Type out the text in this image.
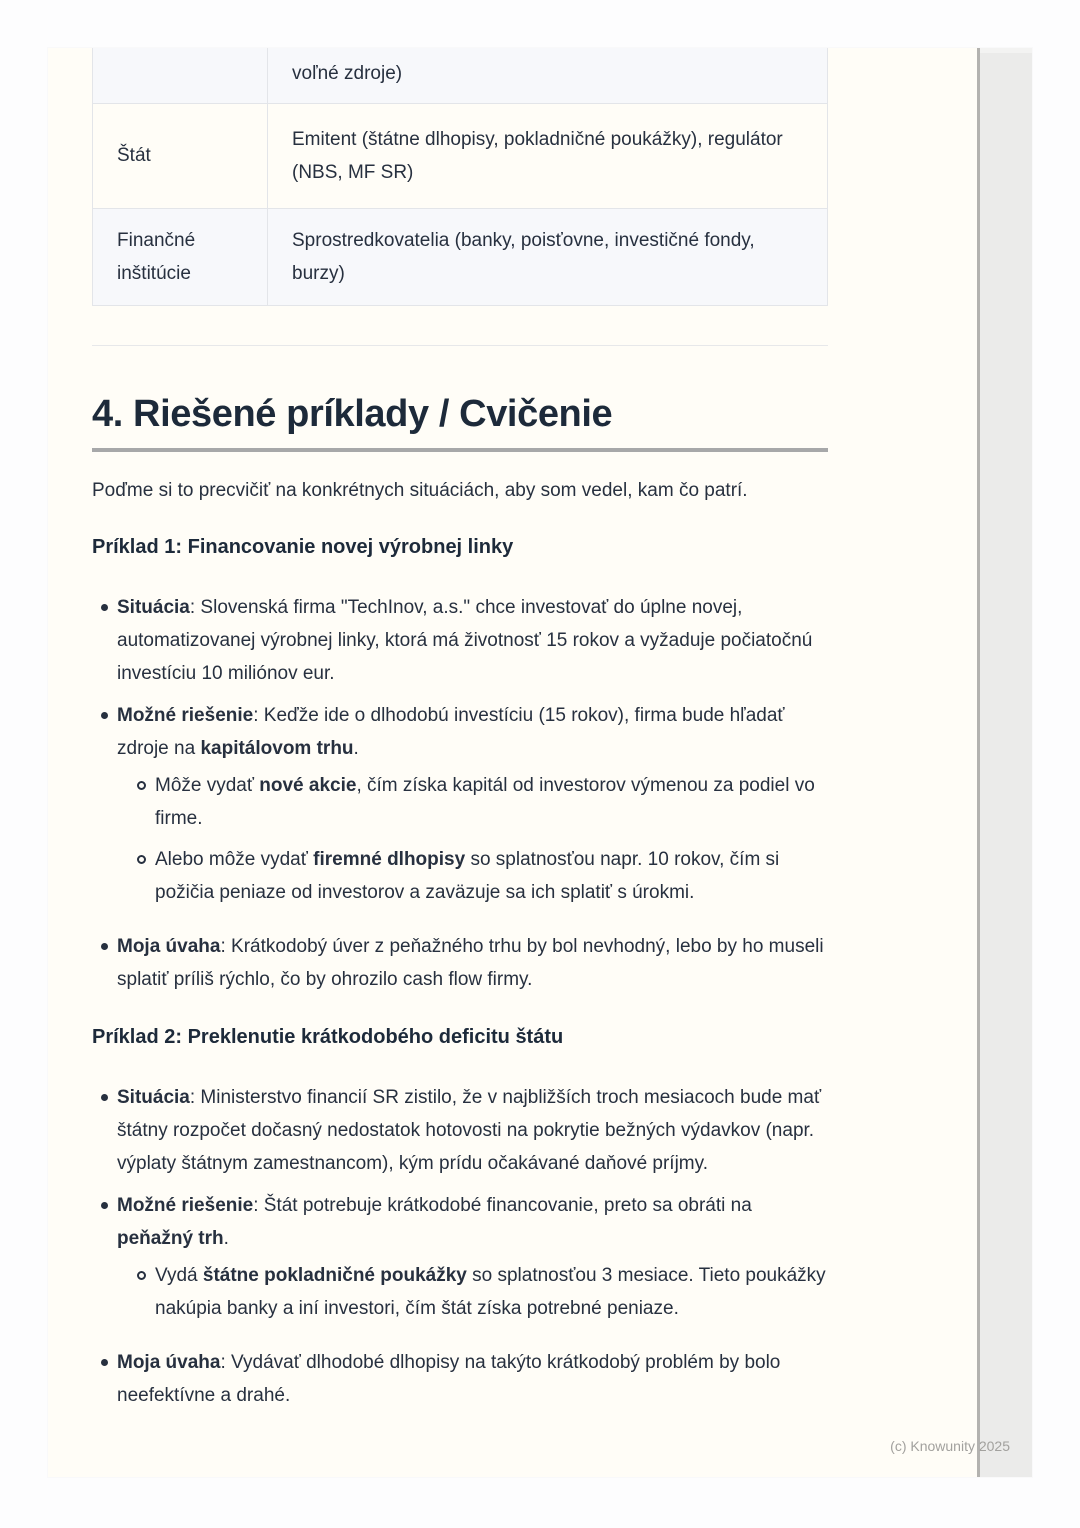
	voľné zdroje)
Štát	Emitent (štátne dlhopisy, pokladničné poukážky), regulátor (NBS, MF SR)
Finančné inštitúcie	Sprostredkovatelia (banky, poisťovne, investičné fondy, burzy)
4. Riešené príklady / Cvičenie

Poďme si to precvičiť na konkrétnych situáciách, aby som vedel, kam čo patrí.

Príklad 1: Financovanie novej výrobnej linky
Situácia: Slovenská firma "TechInov, a.s." chce investovať do úplne novej, automatizovanej výrobnej linky, ktorá má životnosť 15 rokov a vyžaduje počiatočnú investíciu 10 miliónov eur.
Možné riešenie: Keďže ide o dlhodobú investíciu (15 rokov), firma bude hľadať zdroje na kapitálovom trhu.
Môže vydať nové akcie, čím získa kapitál od investorov výmenou za podiel vo firme.
Alebo môže vydať firemné dlhopisy so splatnosťou napr. 10 rokov, čím si požičia peniaze od investorov a zaväzuje sa ich splatiť s úrokmi.
Moja úvaha: Krátkodobý úver z peňažného trhu by bol nevhodný, lebo by ho museli splatiť príliš rýchlo, čo by ohrozilo cash flow firmy.
Príklad 2: Preklenutie krátkodobého deficitu štátu
Situácia: Ministerstvo financií SR zistilo, že v najbližších troch mesiacoch bude mať štátny rozpočet dočasný nedostatok hotovosti na pokrytie bežných výdavkov (napr. výplaty štátnym zamestnancom), kým prídu očakávané daňové príjmy.
Možné riešenie: Štát potrebuje krátkodobé financovanie, preto sa obráti na peňažný trh.
Vydá štátne pokladničné poukážky so splatnosťou 3 mesiace. Tieto poukážky nakúpia banky a iní investori, čím štát získa potrebné peniaze.
Moja úvaha: Vydávať dlhodobé dlhopisy na takýto krátkodobý problém by bolo neefektívne a drahé.
(c) Knowunity 2025
